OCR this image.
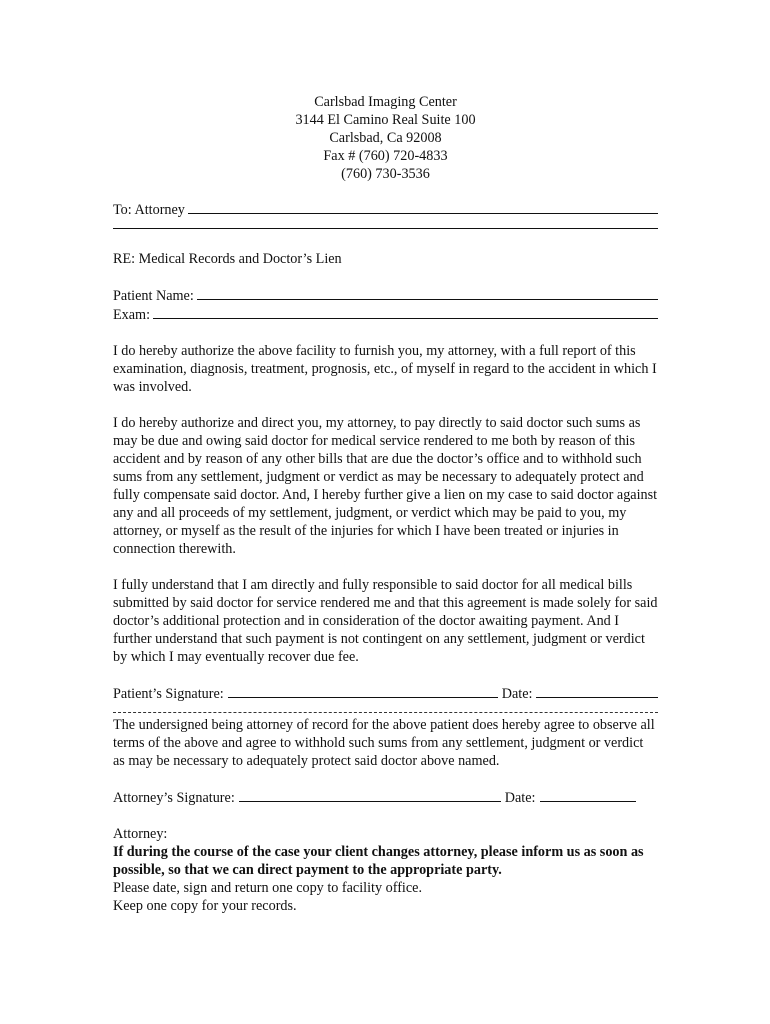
Carlsbad Imaging Center
3144 El Camino Real Suite 100
Carlsbad, Ca 92008
Fax # (760) 720-4833
(760) 730-3536
To: Attorney

RE: Medical Records and Doctor’s Lien

Patient Name:
Exam:

I do hereby authorize the above facility to furnish you, my attorney, with a full report of this examination, diagnosis, treatment, prognosis, etc., of myself in regard to the accident in which I was involved.

I do hereby authorize and direct you, my attorney, to pay directly to said doctor such sums as may be due and owing said doctor for medical service rendered to me both by reason of this accident and by reason of any other bills that are due the doctor’s office and to withhold such sums from any settlement, judgment or verdict as may be necessary to adequately protect and fully compensate said doctor. And, I hereby further give a lien on my case to said doctor against any and all proceeds of my settlement, judgment, or verdict which may be paid to you, my attorney, or myself as the result of the injuries for which I have been treated or injuries in connection therewith.

I fully understand that I am directly and fully responsible to said doctor for all medical bills submitted by said doctor for service rendered me and that this agreement is made solely for said doctor’s additional protection and in consideration of the doctor awaiting payment. And I further understand that such payment is not contingent on any settlement, judgment or verdict by which I may eventually recover due fee.

Patient’s Signature:	Date:

The undersigned being attorney of record for the above patient does hereby agree to observe all terms of the above and agree to withhold such sums from any settlement, judgment or verdict as may be necessary to adequately protect said doctor above named.

Attorney’s Signature:	Date:

Attorney:

If during the course of the case your client changes attorney, please inform us as soon as possible, so that we can direct payment to the appropriate party.

Please date, sign and return one copy to facility office.

Keep one copy for your records.
